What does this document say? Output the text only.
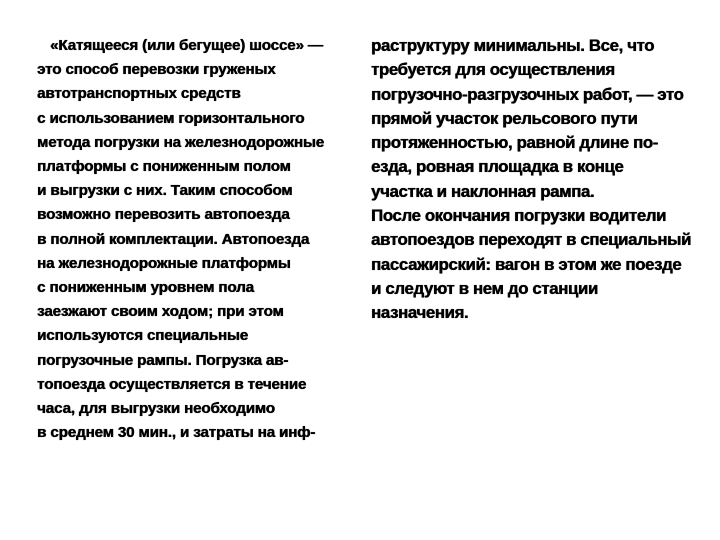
«Катящееся (или бегущее) шоссе» —
это способ перевозки груженых
автотранспортных средств
с использованием горизонтального
метода погрузки на железнодорожные
платформы с пониженным полом
и выгрузки с них. Таким способом
возможно перевозить автопоезда
в полной комплектации. Автопоезда
на железнодорожные платформы
с пониженным уровнем пола
заезжают своим ходом; при этом
используются специальные
погрузочные рампы. Погрузка ав-
топоезда осуществляется в течение
часа, для выгрузки необходимо
в среднем 30 мин., и затраты на инф-
раструктуру минимальны. Все, что
требуется для осуществления
погрузочно-разгрузочных работ, — это
прямой участок рельсового пути
протяженностью, равной длине по-
езда, ровная площадка в конце
участка и наклонная рампа.
После окончания погрузки водители
автопоездов переходят в специальный
пассажирский: вагон в этом же поезде
и следуют в нем до станции
назначения.
